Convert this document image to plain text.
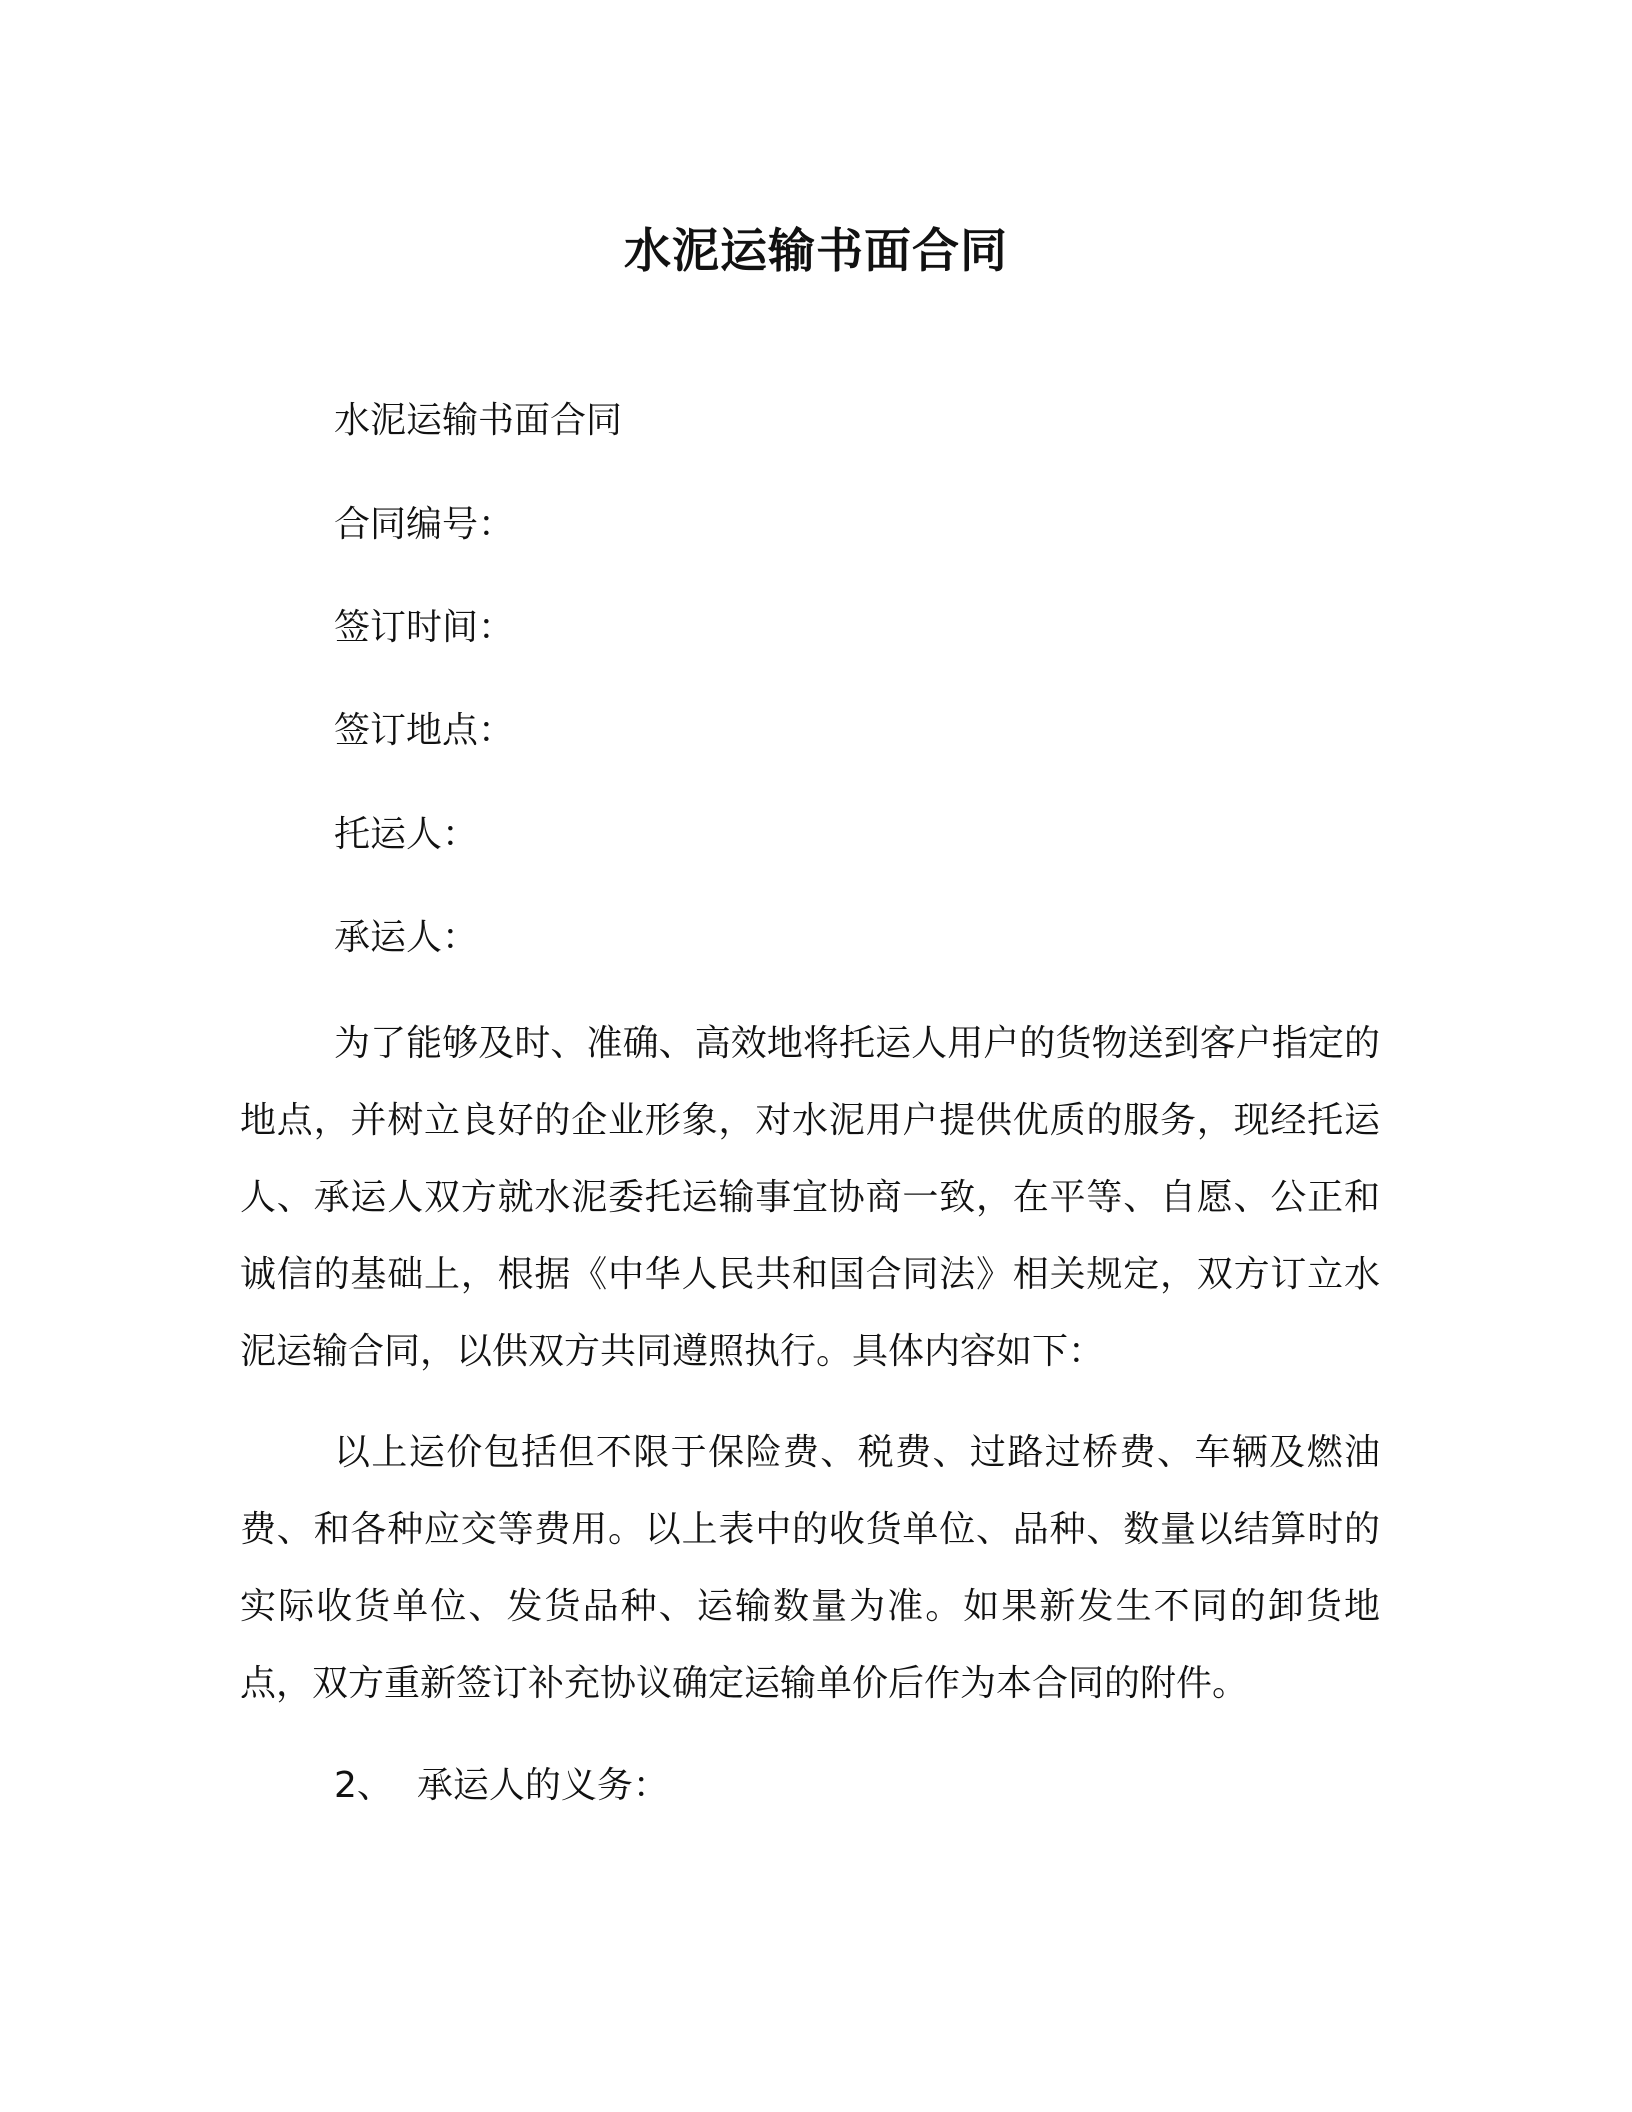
水泥运输书面合同
水泥运输书面合同
合同编号：
签订时间：
签订地点：
托运人：
承运人：

为了能够及时、准确、高效地将托运人用户的货物送到客户指定的地点，并树立良好的企业形象，对水泥用户提供优质的服务，现经托运人、承运人双方就水泥委托运输事宜协商一致，在平等、自愿、公正和诚信的基础上，根据《中华人民共和国合同法》相关规定，双方订立水泥运输合同，以供双方共同遵照执行。具体内容如下：

以上运价包括但不限于保险费、税费、过路过桥费、车辆及燃油费、和各种应交等费用。以上表中的收货单位、品种、数量以结算时的实际收货单位、发货品种、运输数量为准。如果新发生不同的卸货地点，双方重新签订补充协议确定运输单价后作为本合同的附件。

2、 承运人的义务：
